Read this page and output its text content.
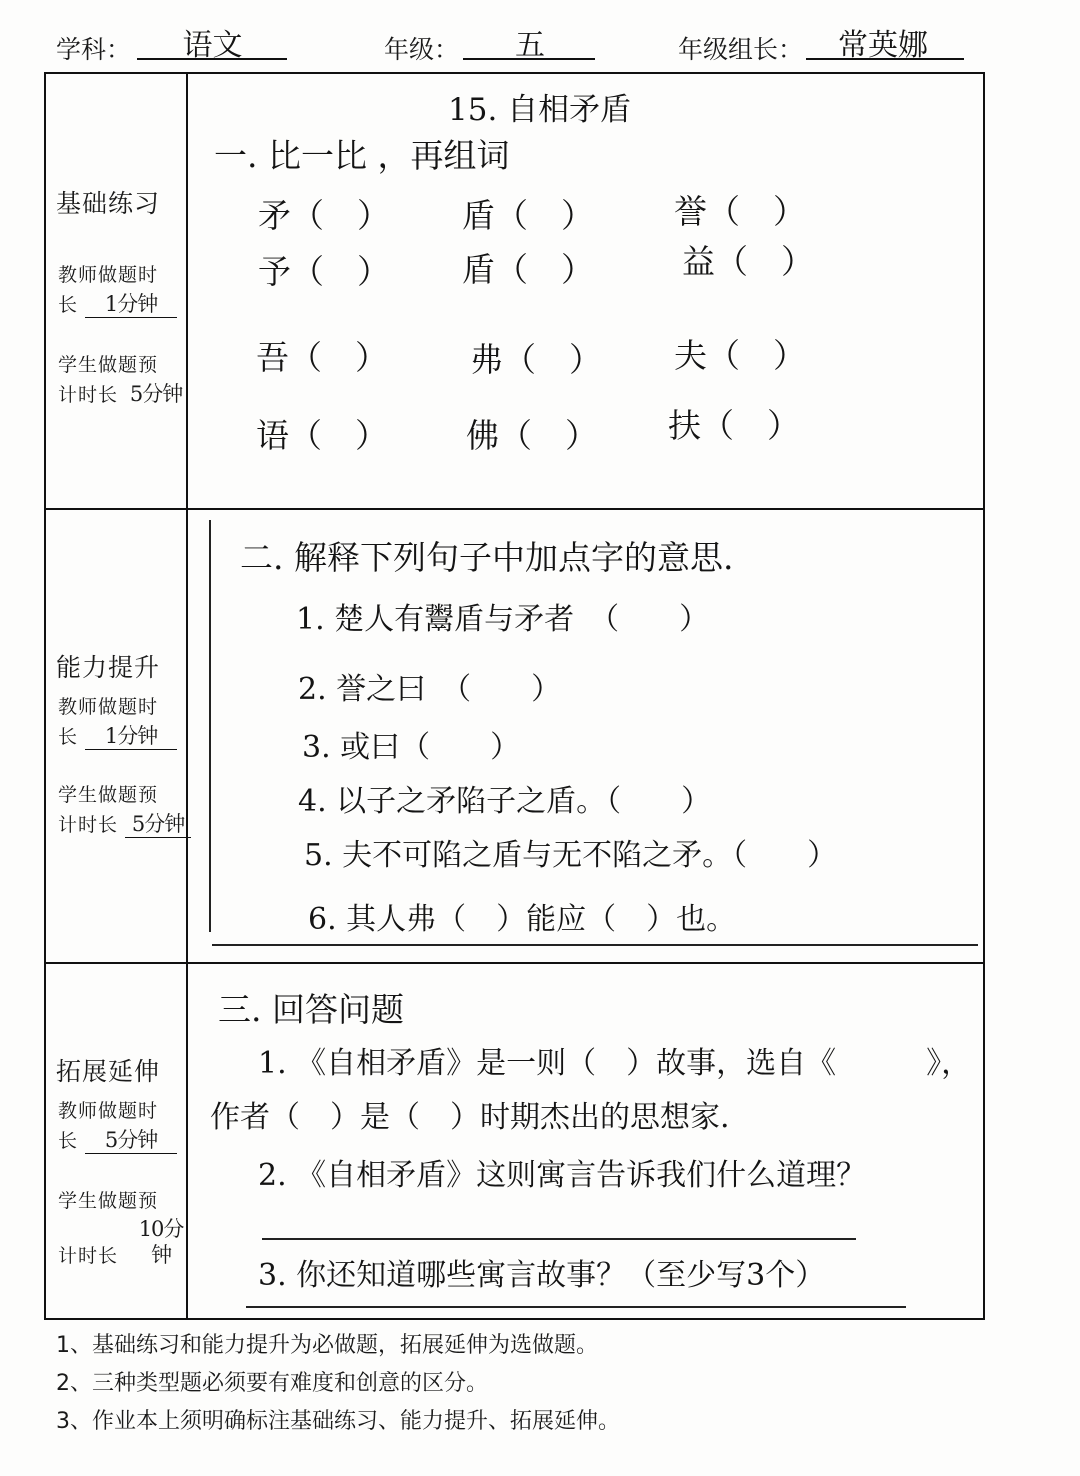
学科：	语文	年级：	五	年级组长：	常英娜
基础练习
教师做题时
长 1分钟
学生做题预
计时长 5分钟
能力提升
教师做题时
长 1分钟
学生做题预
计时长 5分钟
拓展延伸
教师做题时
长 5分钟
学生做题预
计时长 10分钟
15. 自相矛盾
一. 比一比 ，再组词
矛（　） 盾（　） 誉（　）
予（　） 盾（　）	益（　）
吾（　） 弗（　） 夫（　）
语（　） 佛（　） 扶（　）
二. 解释下列句子中加点字的意思.
1. 楚人有鬻盾与矛者　（　　）
2. 誉之曰　（　　）
3. 或曰（　　）
4. 以子之矛陷子之盾。（　　）
5. 夫不可陷之盾与无不陷之矛。（　　）
6. 其人弗（　）能应（　）也。
三. 回答问题
1. 《自相矛盾》是一则（　）故事，选自《　　　》，
作者（　）是（　）时期杰出的思想家.
2. 《自相矛盾》这则寓言告诉我们什么道理？
3. 你还知道哪些寓言故事？（至少写3个）
1、基础练习和能力提升为必做题，拓展延伸为选做题。
2、三种类型题必须要有难度和创意的区分。
3、作业本上须明确标注基础练习、能力提升、拓展延伸。
